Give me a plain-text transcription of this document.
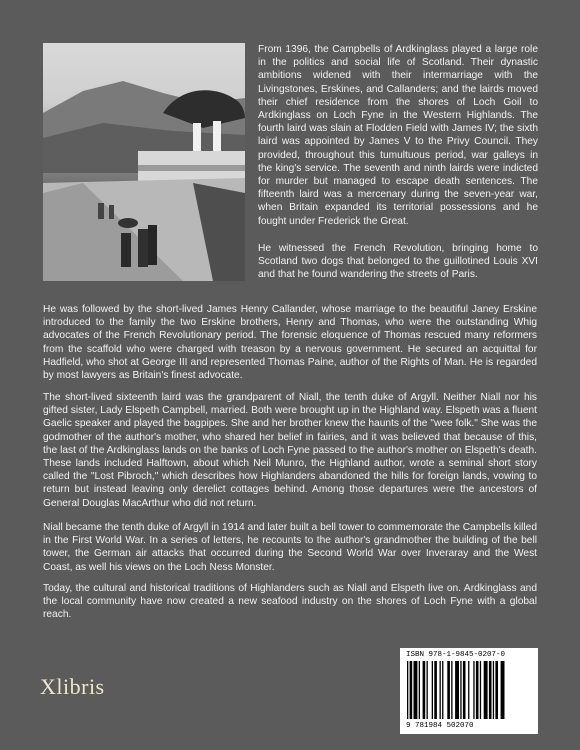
From 1396, the Campbells of Ardkinglass played a large role in the politics and social life of Scotland. Their dynastic ambitions widened with their intermarriage with the Livingstones, Erskines, and Callanders; and the lairds moved their chief residence from the shores of Loch Goil to Ardkinglass on Loch Fyne in the Western Highlands. The fourth laird was slain at Flodden Field with James IV; the sixth laird was appointed by James V to the Privy Council. They provided, throughout this tumultuous period, war galleys in the king's service. The seventh and ninth lairds were indicted for murder but managed to escape death sentences. The fifteenth laird was a mercenary during the seven-year war, when Britain expanded its territorial possessions and he fought under Frederick the Great.

He witnessed the French Revolution, bringing home to Scotland two dogs that belonged to the guillotined Louis XVI and that he found wandering the streets of Paris.

He was followed by the short-lived James Henry Callander, whose marriage to the beautiful Janey Erskine introduced to the family the two Erskine brothers, Henry and Thomas, who were the outstanding Whig advocates of the French Revolutionary period. The forensic eloquence of Thomas rescued many reformers from the scaffold who were charged with treason by a nervous government. He secured an acquittal for Hadfield, who shot at George III and represented Thomas Paine, author of the Rights of Man. He is regarded by most lawyers as Britain's finest advocate.

The short-lived sixteenth laird was the grandparent of Niall, the tenth duke of Argyll. Neither Niall nor his gifted sister, Lady Elspeth Campbell, married. Both were brought up in the Highland way. Elspeth was a fluent Gaelic speaker and played the bagpipes. She and her brother knew the haunts of the "wee folk." She was the godmother of the author's mother, who shared her belief in fairies, and it was believed that because of this, the last of the Ardkinglass lands on the banks of Loch Fyne passed to the author's mother on Elspeth's death. These lands included Halftown, about which Neil Munro, the Highland author, wrote a seminal short story called the "Lost Pibroch," which describes how Highlanders abandoned the hills for foreign lands, vowing to return but instead leaving only derelict cottages behind. Among those departures were the ancestors of General Douglas MacArthur who did not return.

Niall became the tenth duke of Argyll in 1914 and later built a bell tower to commemorate the Campbells killed in the First World War. In a series of letters, he recounts to the author's grandmother the building of the bell tower, the German air attacks that occurred during the Second World War over Inveraray and the West Coast, as well his views on the Loch Ness Monster.

Today, the cultural and historical traditions of Highlanders such as Niall and Elspeth live on. Ardkinglass and the local community have now created a new seafood industry on the shores of Loch Fyne with a global reach.

Xlibris
ISBN 978-1-9845-0207-0
9 781984 502070
